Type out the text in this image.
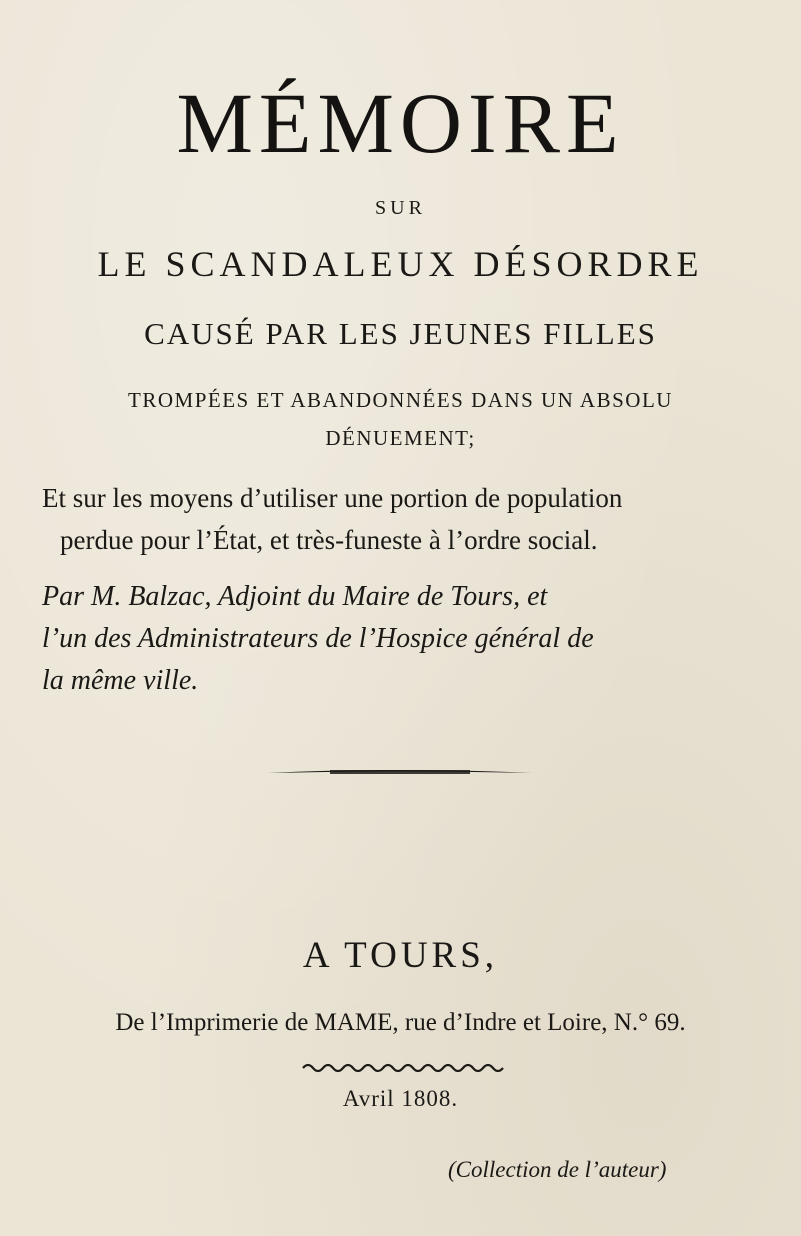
MÉMOIRE
SUR
LE SCANDALEUX DÉSORDRE
CAUSÉ PAR LES JEUNES FILLES
TROMPÉES ET ABANDONNÉES DANS UN ABSOLU
DÉNUEMENT;
Et sur les moyens d’utiliser une portion de population
perdue pour l’État, et très-funeste à l’ordre social.
Par M. Balzac, Adjoint du Maire de Tours, et
l’un des Administrateurs de l’Hospice général de
la même ville.
A TOURS,
De l’Imprimerie de MAME, rue d’Indre et Loire, N.° 69.
Avril 1808.
(Collection de l’auteur)
